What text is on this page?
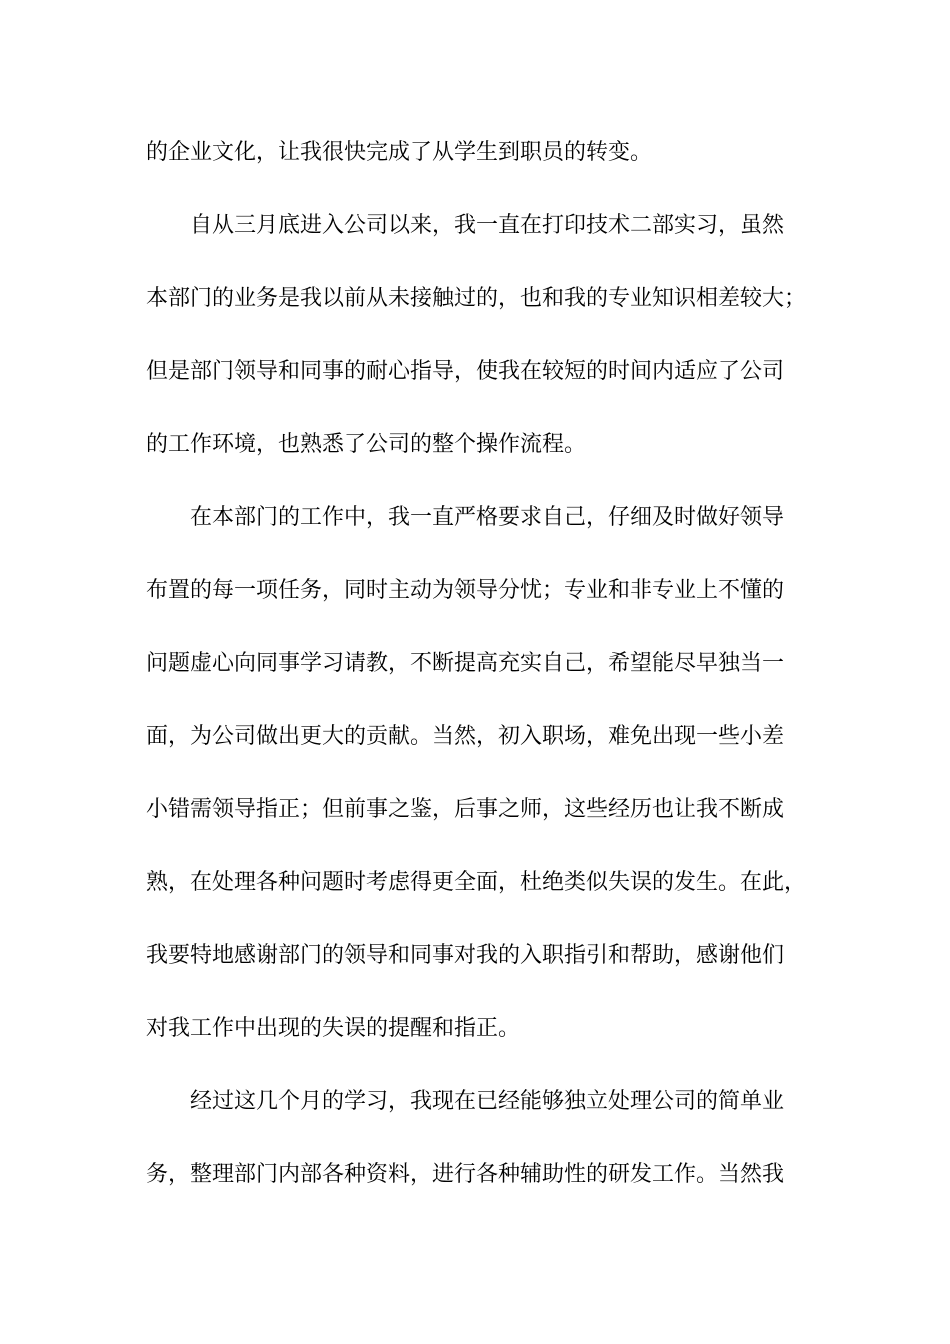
的企业文化，让我很快完成了从学生到职员的转变。
自从三月底进入公司以来，我一直在打印技术二部实习，虽然
本部门的业务是我以前从未接触过的，也和我的专业知识相差较大；
但是部门领导和同事的耐心指导，使我在较短的时间内适应了公司
的工作环境，也熟悉了公司的整个操作流程。
在本部门的工作中，我一直严格要求自己，仔细及时做好领导
布置的每一项任务，同时主动为领导分忧；专业和非专业上不懂的
问题虚心向同事学习请教，不断提高充实自己，希望能尽早独当一
面，为公司做出更大的贡献。当然，初入职场，难免出现一些小差
小错需领导指正；但前事之鉴，后事之师，这些经历也让我不断成
熟，在处理各种问题时考虑得更全面，杜绝类似失误的发生。在此，
我要特地感谢部门的领导和同事对我的入职指引和帮助，感谢他们
对我工作中出现的失误的提醒和指正。
经过这几个月的学习，我现在已经能够独立处理公司的简单业
务，整理部门内部各种资料，进行各种辅助性的研发工作。当然我
